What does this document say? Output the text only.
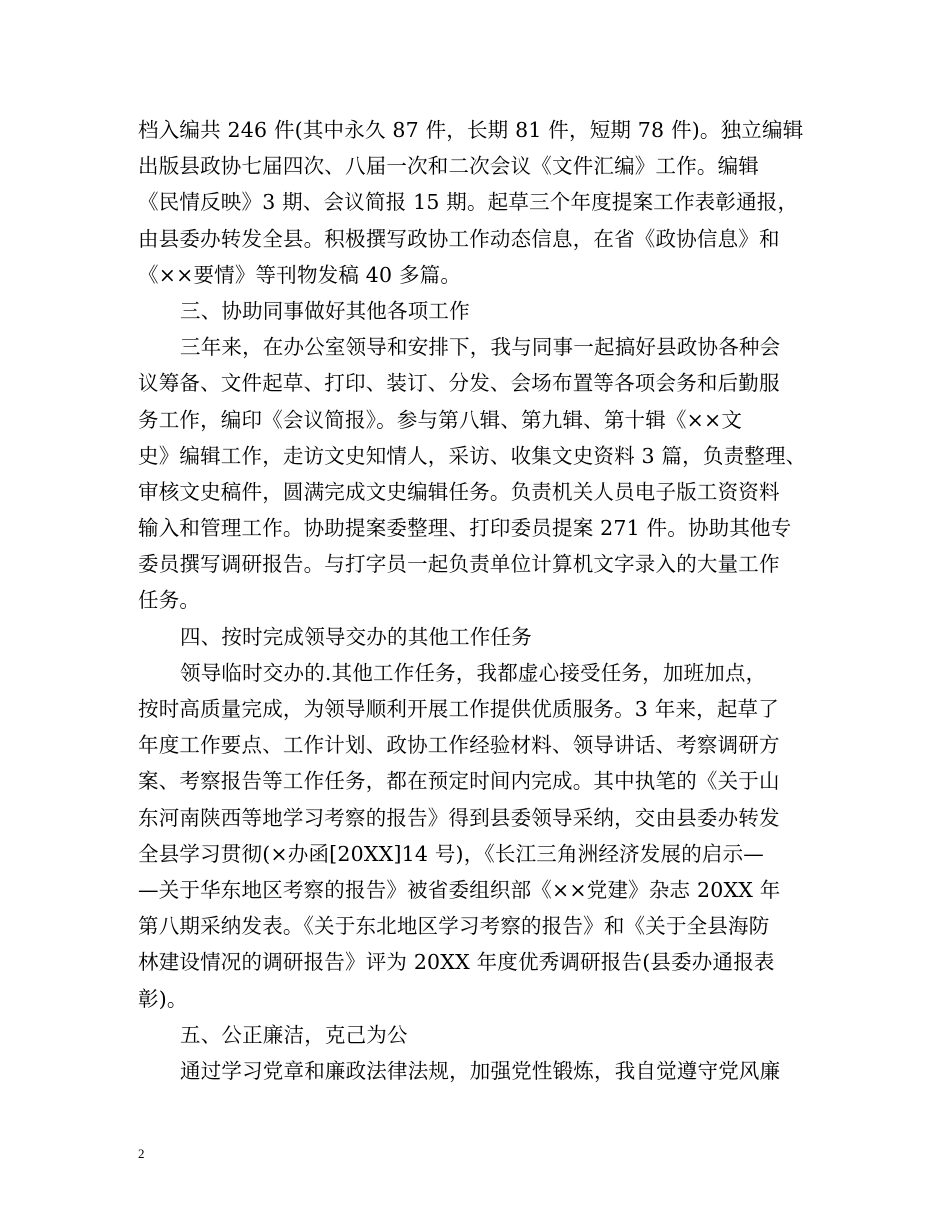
档入编共 246 件(其中永久 87 件，长期 81 件，短期 78 件)。独立编辑
出版县政协七届四次、八届一次和二次会议《文件汇编》工作。编辑
《民情反映》3 期、会议简报 15 期。起草三个年度提案工作表彰通报，
由县委办转发全县。积极撰写政协工作动态信息，在省《政协信息》和
《××要情》等刊物发稿 40 多篇。
三、协助同事做好其他各项工作
三年来，在办公室领导和安排下，我与同事一起搞好县政协各种会
议筹备、文件起草、打印、装订、分发、会场布置等各项会务和后勤服
务工作，编印《会议简报》。参与第八辑、第九辑、第十辑《××文
史》编辑工作，走访文史知情人，采访、收集文史资料 3 篇，负责整理、
审核文史稿件，圆满完成文史编辑任务。负责机关人员电子版工资资料
输入和管理工作。协助提案委整理、打印委员提案 271 件。协助其他专
委员撰写调研报告。与打字员一起负责单位计算机文字录入的大量工作
任务。
四、按时完成领导交办的其他工作任务
领导临时交办的.其他工作任务，我都虚心接受任务，加班加点，
按时高质量完成，为领导顺利开展工作提供优质服务。3 年来，起草了
年度工作要点、工作计划、政协工作经验材料、领导讲话、考察调研方
案、考察报告等工作任务，都在预定时间内完成。其中执笔的《关于山
东河南陕西等地学习考察的报告》得到县委领导采纳，交由县委办转发
全县学习贯彻(×办函[20XX]14 号)，《长江三角洲经济发展的启示—
—关于华东地区考察的报告》被省委组织部《××党建》杂志 20XX 年
第八期采纳发表。《关于东北地区学习考察的报告》和《关于全县海防
林建设情况的调研报告》评为 20XX 年度优秀调研报告(县委办通报表
彰)。
五、公正廉洁，克己为公
通过学习党章和廉政法律法规，加强党性锻炼，我自觉遵守党风廉
2
